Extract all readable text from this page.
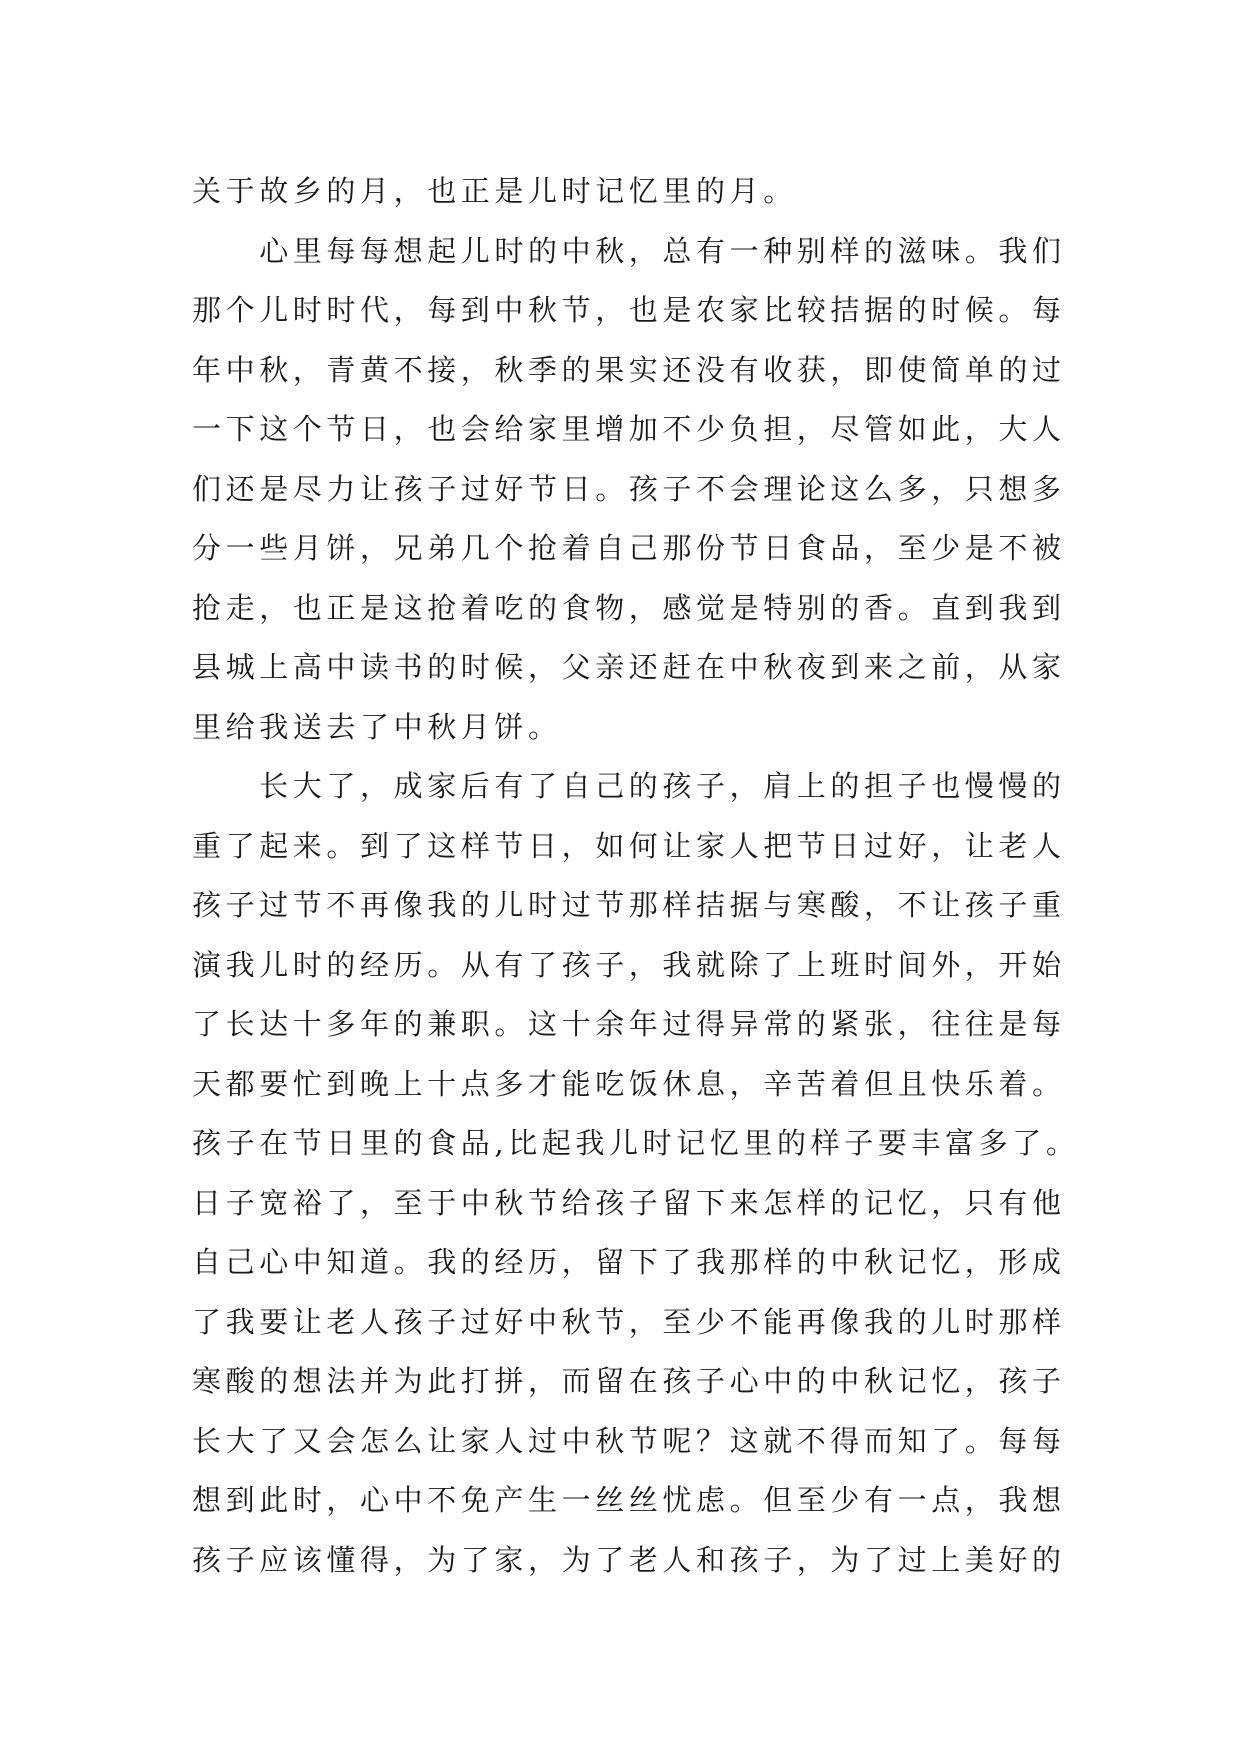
关于故乡的月，也正是儿时记忆里的月。
　　心里每每想起儿时的中秋，总有一种别样的滋味。我们
那个儿时时代，每到中秋节，也是农家比较拮据的时候。每
年中秋，青黄不接，秋季的果实还没有收获，即使简单的过
一下这个节日，也会给家里增加不少负担，尽管如此，大人
们还是尽力让孩子过好节日。孩子不会理论这么多，只想多
分一些月饼，兄弟几个抢着自己那份节日食品，至少是不被
抢走，也正是这抢着吃的食物，感觉是特别的香。直到我到
县城上高中读书的时候，父亲还赶在中秋夜到来之前，从家
里给我送去了中秋月饼。
　　长大了，成家后有了自己的孩子，肩上的担子也慢慢的
重了起来。到了这样节日，如何让家人把节日过好，让老人
孩子过节不再像我的儿时过节那样拮据与寒酸，不让孩子重
演我儿时的经历。从有了孩子，我就除了上班时间外，开始
了长达十多年的兼职。这十余年过得异常的紧张，往往是每
天都要忙到晚上十点多才能吃饭休息，辛苦着但且快乐着。
孩子在节日里的食品,比起我儿时记忆里的样子要丰富多了。
日子宽裕了，至于中秋节给孩子留下来怎样的记忆，只有他
自己心中知道。我的经历，留下了我那样的中秋记忆，形成
了我要让老人孩子过好中秋节，至少不能再像我的儿时那样
寒酸的想法并为此打拼，而留在孩子心中的中秋记忆，孩子
长大了又会怎么让家人过中秋节呢？这就不得而知了。每每
想到此时，心中不免产生一丝丝忧虑。但至少有一点，我想
孩子应该懂得，为了家，为了老人和孩子，为了过上美好的
